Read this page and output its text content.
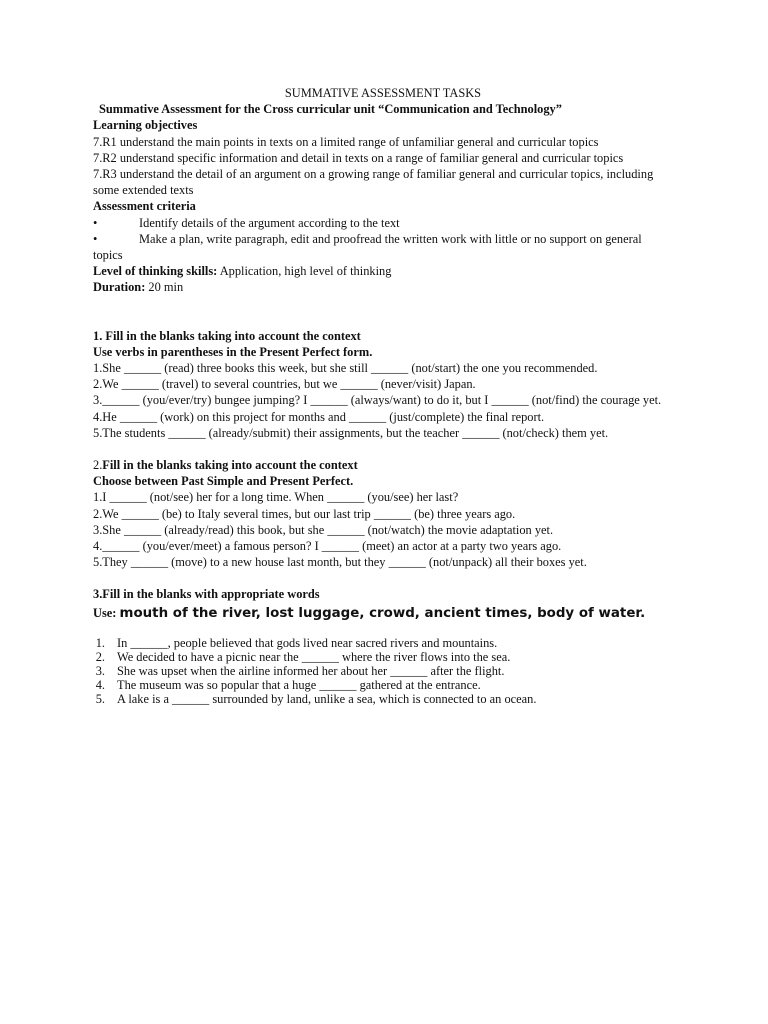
SUMMATIVE ASSESSMENT TASKS

Summative Assessment for the Cross curricular unit “Communication and Technology”

Learning objectives

7.R1 understand the main points in texts on a limited range of unfamiliar general and curricular topics

7.R2 understand specific information and detail in texts on a range of familiar general and curricular topics

7.R3 understand the detail of an argument on a growing range of familiar general and curricular topics, including some extended texts

Assessment criteria

•	Identify details of the argument according to the text
•	Make a plan, write paragraph, edit and proofread the written work with little or no support on general

topics

Level of thinking skills: Application, high level of thinking

Duration: 20 min

1. Fill in the blanks taking into account the context

Use verbs in parentheses in the Present Perfect form.

1.She ______ (read) three books this week, but she still ______ (not/start) the one you recommended.

2.We ______ (travel) to several countries, but we ______ (never/visit) Japan.

3.______ (you/ever/try) bungee jumping? I ______ (always/want) to do it, but I ______ (not/find) the courage yet.

4.He ______ (work) on this project for months and ______ (just/complete) the final report.

5.The students ______ (already/submit) their assignments, but the teacher ______ (not/check) them yet.

2.Fill in the blanks taking into account the context

Choose between Past Simple and Present Perfect.

1.I ______ (not/see) her for a long time. When ______ (you/see) her last?

2.We ______ (be) to Italy several times, but our last trip ______ (be) three years ago.

3.She ______ (already/read) this book, but she ______ (not/watch) the movie adaptation yet.

4.______ (you/ever/meet) a famous person? I ______ (meet) an actor at a party two years ago.

5.They ______ (move) to a new house last month, but they ______ (not/unpack) all their boxes yet.

3.Fill in the blanks with appropriate words

Use: mouth of the river, lost luggage, crowd, ancient times, body of water.

1. In ______, people believed that gods lived near sacred rivers and mountains.
2. We decided to have a picnic near the ______ where the river flows into the sea.
3. She was upset when the airline informed her about her ______ after the flight.
4. The museum was so popular that a huge ______ gathered at the entrance.
5. A lake is a ______ surrounded by land, unlike a sea, which is connected to an ocean.
